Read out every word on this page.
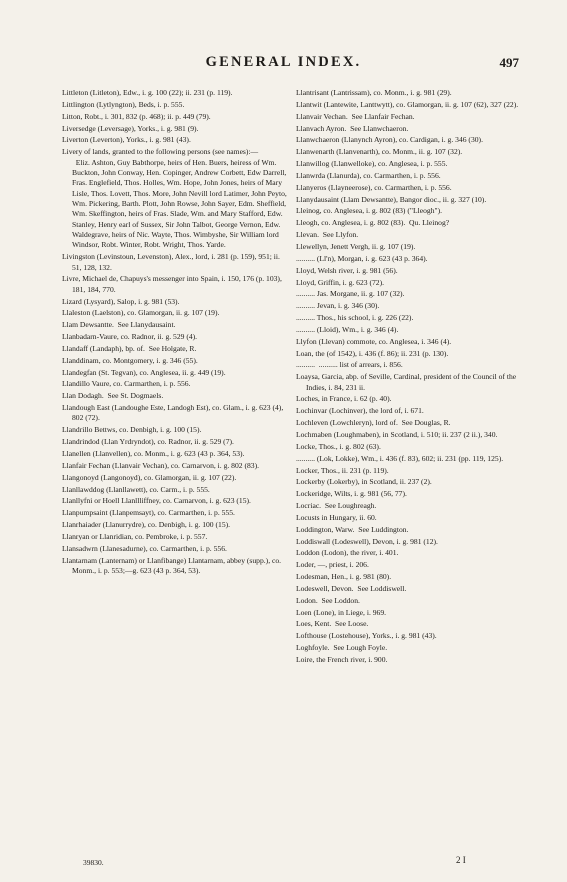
GENERAL INDEX.	497
Littleton (Litleton), Edw., i. g. 100 (22); ii. 231 (p. 119).
Littlington (Lytlyngton), Beds, i. p. 555.
Litton, Robt., i. 301, 832 (p. 468); ii. p. 449 (79).
Liversedge (Leversage), Yorks., i. g. 981 (9).
Liverton (Leverton), Yorks., i. g. 981 (43).
Livery of lands, granted to the following persons (see names):—
Eliz. Ashton, Guy Babthorpe, heirs of Hen. Buers, heiress of Wm. Buckton, John Conway, Hen. Copinger, Andrew Corbett, Edw Darrell, Fras. Englefield, Thos. Holles, Wm. Hope, John Jones, heirs of Mary Lisle, Thos. Lovett, Thos. More, John Nevill lord Latimer, John Peyto, Wm. Pickering, Barth. Plott, John Rowse, John Sayer, Edm. Sheffield, Wm. Skeffington, heirs of Fras. Slade, Wm. and Mary Stafford, Edw. Stanley, Henry earl of Sussex, Sir John Talbot, George Vernon, Edw. Waldegrave, heirs of Nic. Wayte, Thos. Wimbyshe, Sir William lord Windsor, Robt. Winter, Robt. Wright, Thos. Yarde.
Livingston (Levinstoun, Levenston), Alex., lord, i. 281 (p. 159), 951; ii. 51, 128, 132.
Livre, Michael de, Chapuys's messenger into Spain, i. 150, 176 (p. 103), 181, 184, 770.
Lizard (Lysyard), Salop, i. g. 981 (53).
Llaleston (Laelston), co. Glamorgan, ii. g. 107 (19).
Llam Dewsantte.  See Llanydausaint.
Llanbadarn-Vaure, co. Radnor, ii. g. 529 (4).
Llandaff (Landaph), bp. of.  See Holgate, R.
Llanddinam, co. Montgomery, i. g. 346 (55).
Llandegfan (St. Tegvan), co. Anglesea, ii. g. 449 (19).
Llandillo Vaure, co. Carmarthen, i. p. 556.
Llan Dodagh.  See St. Dogmaels.
Llandough East (Landoughe Este, Landogh Est), co. Glam., i. g. 623 (4), 802 (72).
Llandrillo Bettws, co. Denbigh, i. g. 100 (15).
Llandrindod (Llan Yrdryndot), co. Radnor, ii. g. 529 (7).
Llanellen (Llanvellen), co. Monm., i. g. 623 (43 p. 364, 53).
Llanfair Fechan (Llanvair Vechan), co. Carnarvon, i. g. 802 (83).
Llangonoyd (Langonoyd), co. Glamorgan, ii. g. 107 (22).
Llanllawddog (Llanllawett), co. Carm., i. p. 555.
Llanllyfni or Hoell Llanllliffney, co. Carnarvon, i. g. 623 (15).
Llanpumpsaint (Llanpemsayt), co. Carmarthen, i. p. 555.
Llanrhaiader (Llanurrydre), co. Denbigh, i. g. 100 (15).
Llanryan or Llanridian, co. Pembroke, i. p. 557.
Llansadwrn (Llanesadurne), co. Carmarthen, i. p. 556.
Llantarnam (Lanternam) or Llanfibange) Llantarnam, abbey (supp.), co. Monm., i. p. 553;—g. 623 (43 p. 364, 53).
Llantrisant (Lantrissam), co. Monm., i. g. 981 (29).
Llantwit (Lantewite, Lanttwytt), co. Glamorgan, ii. g. 107 (62), 327 (22).
Llanvair Vechan.  See Llanfair Fechan.
Llanvach Ayron.  See Llanwchaeron.
Llanwchaeron (Llanynch Ayron), co. Cardigan, i. g. 346 (30).
Llanwenarth (Llanvenarth), co. Monm., ii. g. 107 (32).
Llanwillog (Llanwelloke), co. Anglesea, i. p. 555.
Llanwrda (Llanurda), co. Carmarthen, i. p. 556.
Llanyeros (Llayneerose), co. Carmarthen, i. p. 556.
Llanydausaint (Llam Dewsantte), Bangor dioc., ii. g. 327 (10).
Lleinog, co. Anglesea, i. g. 802 (83) ("Lleogh").
Lleogh, co. Anglesea, i. g. 802 (83).  Qu. Lleinog?
Llevan.  See Llyfon.
Llewellyn, Jenett Vergh, ii. g. 107 (19).
.......... (Ll'n), Morgan, i. g. 623 (43 p. 364).
Lloyd, Welsh river, i. g. 981 (56).
Lloyd, Griffin, i. g. 623 (72).
.......... Jas. Morgane, ii. g. 107 (32).
.......... Jevan, i. g. 346 (30).
.......... Thos., his school, i. g. 226 (22).
.......... (Lloid), Wm., i. g. 346 (4).
Llyfon (Llevan) commote, co. Anglesea, i. 346 (4).
Loan, the (of 1542), i. 436 (f. 86); ii. 231 (p. 130).
..........  .......... list of arrears, i. 856.
Loaysa, Garcia, abp. of Seville, Cardinal, president of the Council of the Indies, i. 84, 231 ii.
Loches, in France, i. 62 (p. 40).
Lochinvar (Lochinver), the lord of, i. 671.
Lochleven (Lowchleryn), lord of.  See Douglas, R.
Lochmaben (Loughmaben), in Scotland, i. 510; ii. 237 (2 ii.), 340.
Locke, Thos., i. g. 802 (63).
.......... (Lok, Lokke), Wm., i. 436 (f. 83), 602; ii. 231 (pp. 119, 125).
Locker, Thos., ii. 231 (p. 119).
Lockerby (Lokerby), in Scotland, ii. 237 (2).
Lockeridge, Wilts, i. g. 981 (56, 77).
Locriac.  See Loughreagh.
Locusts in Hungary, ii. 60.
Loddington, Warw.  See Luddington.
Loddiswall (Lodeswell), Devon, i. g. 981 (12).
Loddon (Lodon), the river, i. 401.
Loder, —, priest, i. 206.
Lodesman, Hen., i. g. 981 (80).
Lodeswell, Devon.  See Loddiswell.
Lodon.  See Loddon.
Loen (Lone), in Liege, i. 969.
Loes, Kent.  See Loose.
Lofthouse (Lostehouse), Yorks., i. g. 981 (43).
Loghfoyle.  See Lough Foyle.
Loire, the French river, i. 900.
39830.	2 I
